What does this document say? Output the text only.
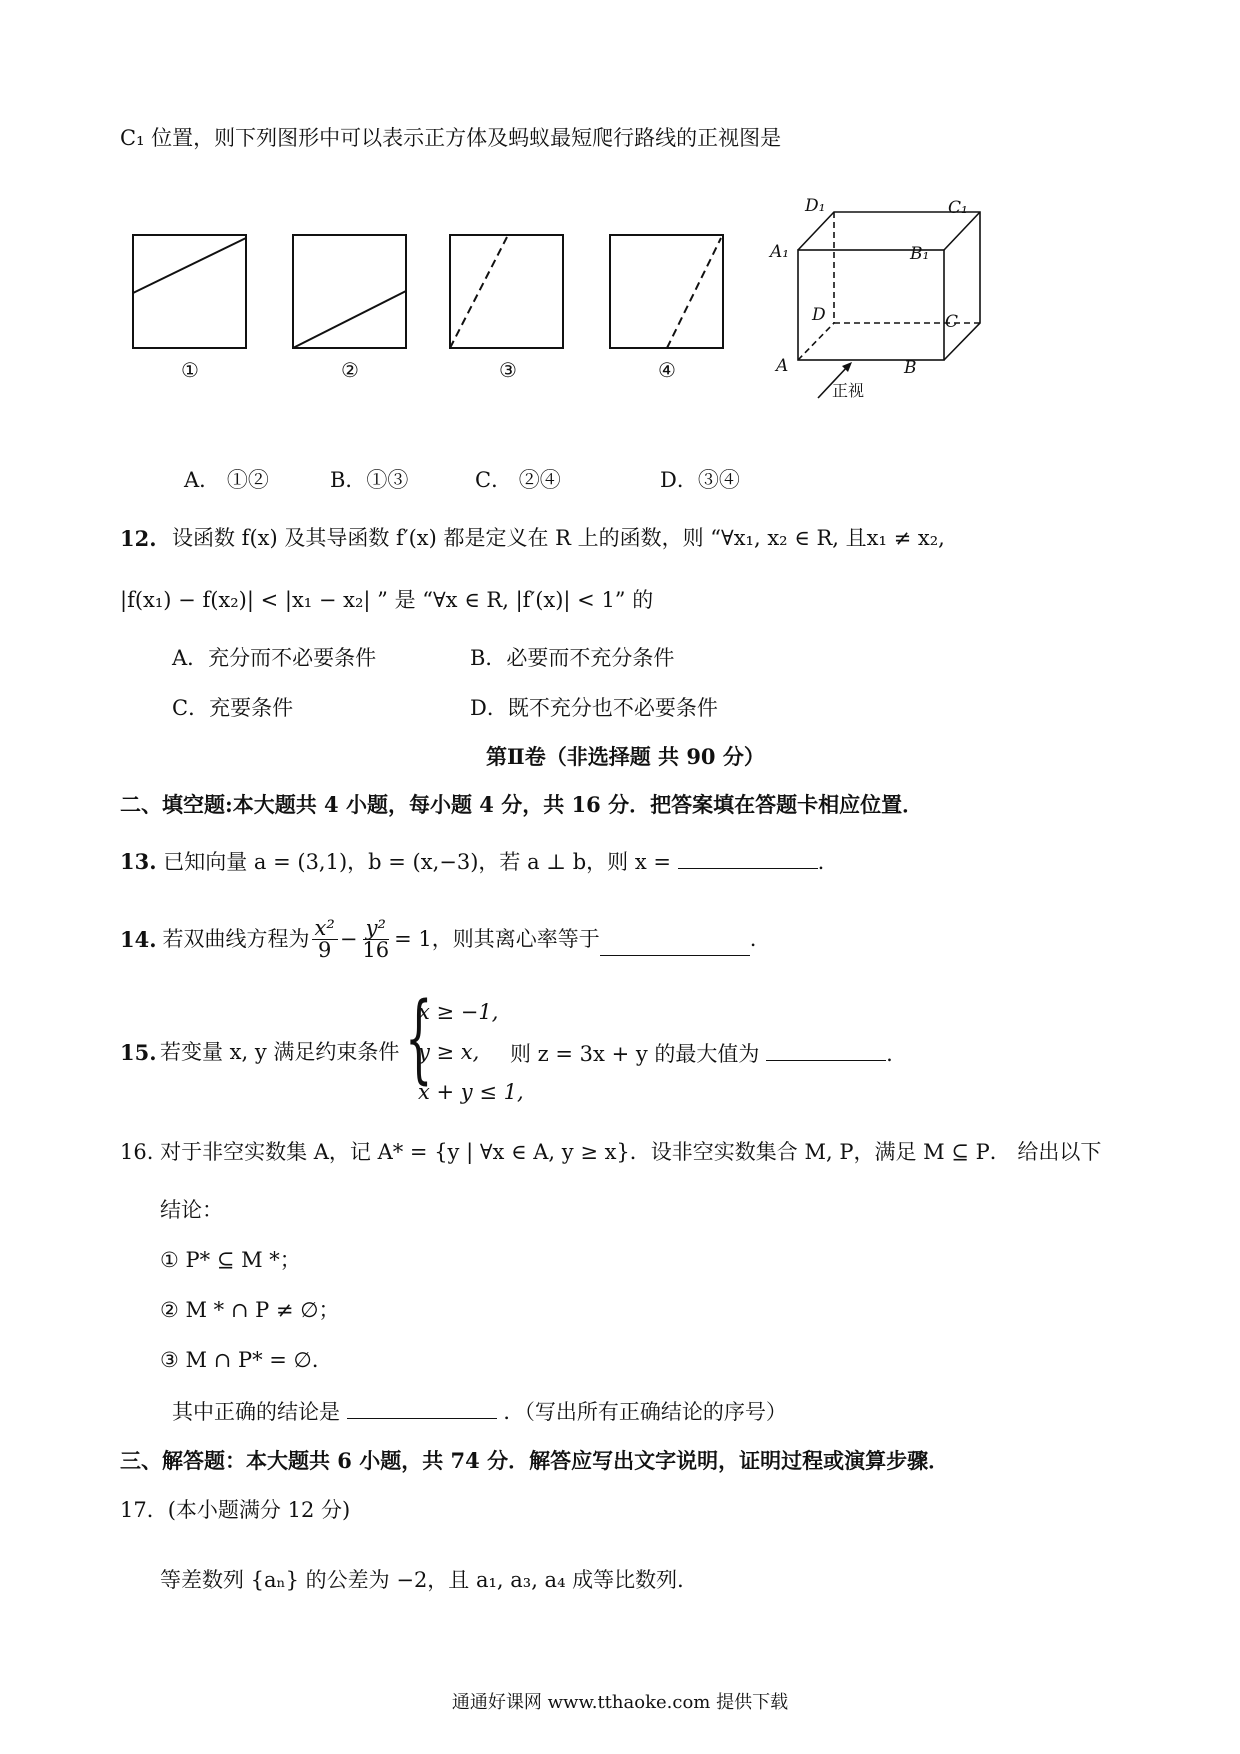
C₁ 位置，则下列图形中可以表示正方体及蚂蚁最短爬行路线的正视图是
①	②	③	④
D₁	C₁
A₁	B₁
D	C
A	B
正视
A． ①②	B．①③	C． ②④	D．③④
12. 设函数 f(x) 及其导函数 f′(x) 都是定义在 R 上的函数，则 “∀x₁, x₂ ∈ R, 且x₁ ≠ x₂,
|f(x₁) − f(x₂)| < |x₁ − x₂| ” 是 “∀x ∈ R, |f′(x)| < 1” 的
A．充分而不必要条件	B．必要而不充分条件
C．充要条件	D．既不充分也不必要条件
第Ⅱ卷（非选择题 共 90 分）
二、填空题:本大题共 4 小题，每小题 4 分，共 16 分．把答案填在答题卡相应位置．
13. 已知向量 a = (3,1)，b = (x,−3)，若 a ⊥ b，则 x =	.
14. 若双曲线方程为 $\frac{\text{x²}}{9} - \frac{\text{y²}}{16} = 1$，则其离心率等于	.
15. 若变量 x, y 满足约束条件 {
x ≥ −1,
y ≥ x,
x + y ≤ 1,
则 z = 3x + y 的最大值为	.
16. 对于非空实数集 A，记 A* = {y | ∀x ∈ A, y ≥ x}．设非空实数集合 M, P，满足 M ⊆ P． 给出以下
结论：
① P* ⊆ M *；
② M * ∩ P ≠ ∅；
③ M ∩ P* = ∅．
其中正确的结论是	．（写出所有正确结论的序号）
三、解答题：本大题共 6 小题，共 74 分．解答应写出文字说明，证明过程或演算步骤．
17．(本小题满分 12 分)
等差数列 {aₙ} 的公差为 −2，且 a₁, a₃, a₄ 成等比数列．
通通好课网 www.tthaoke.com 提供下载
